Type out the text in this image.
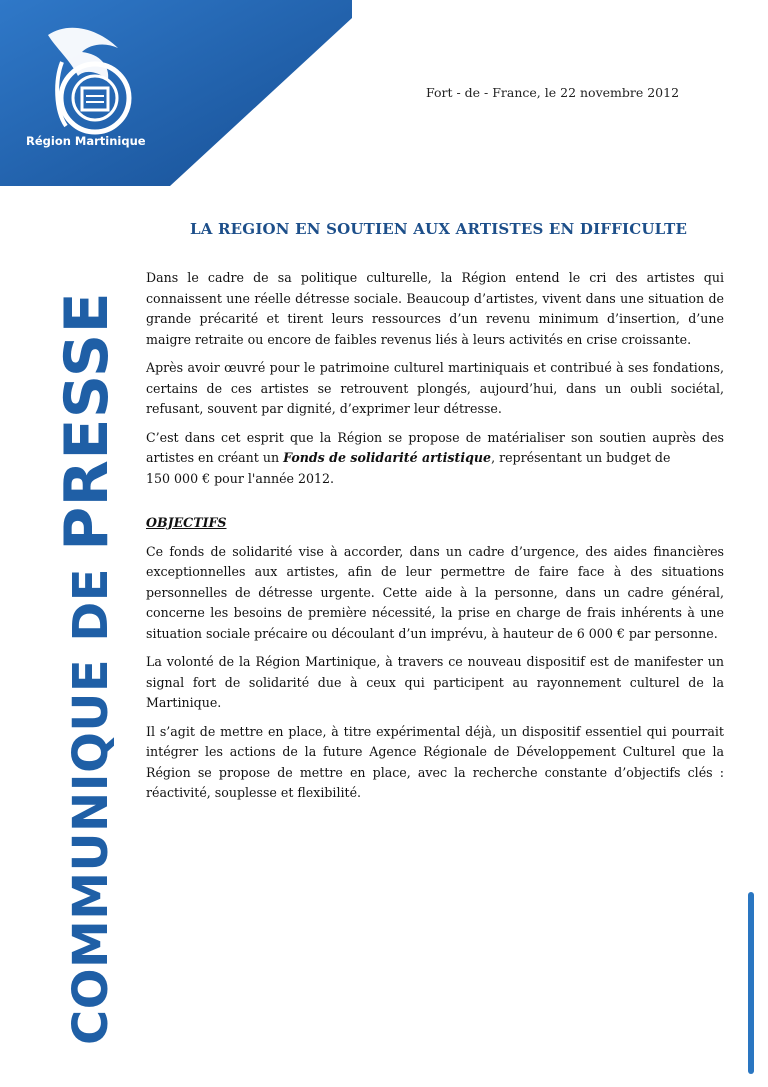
Région Martinique
COMMUNIQUE DE PRESSE
Fort - de - France, le 22 novembre 2012
LA REGION EN SOUTIEN AUX ARTISTES EN DIFFICULTE

Dans le cadre de sa politique culturelle, la Région entend le cri des artistes qui connaissent une réelle détresse sociale. Beaucoup d’artistes, vivent dans une situation de grande précarité et tirent leurs ressources d’un revenu minimum d’insertion, d’une maigre retraite ou encore de faibles revenus liés à leurs activités en crise croissante.

Après avoir œuvré pour le patrimoine culturel martiniquais et contribué à ses fondations, certains de ces artistes se retrouvent plongés, aujourd’hui, dans un oubli sociétal, refusant, souvent par dignité, d’exprimer leur détresse.

C’est dans cet esprit que la Région se propose de matérialiser son soutien auprès des artistes en créant un Fonds de solidarité artistique, représentant un budget de
150 000 € pour l'année 2012.

OBJECTIFS

Ce fonds de solidarité vise à accorder, dans un cadre d’urgence, des aides financières exceptionnelles aux artistes, afin de leur permettre de faire face à des situations personnelles de détresse urgente. Cette aide à la personne, dans un cadre général, concerne les besoins de première nécessité, la prise en charge de frais inhérents à une situation sociale précaire ou découlant d’un imprévu, à hauteur de 6 000 € par personne.

La volonté de la Région Martinique, à travers ce nouveau dispositif est de manifester un signal fort de solidarité due à ceux qui participent au rayonnement culturel de la Martinique.

Il s’agit de mettre en place, à titre expérimental déjà, un dispositif essentiel qui pourrait intégrer les actions de la future Agence Régionale de Développement Culturel que la Région se propose de mettre en place, avec la recherche constante d’objectifs clés : réactivité, souplesse et flexibilité.
